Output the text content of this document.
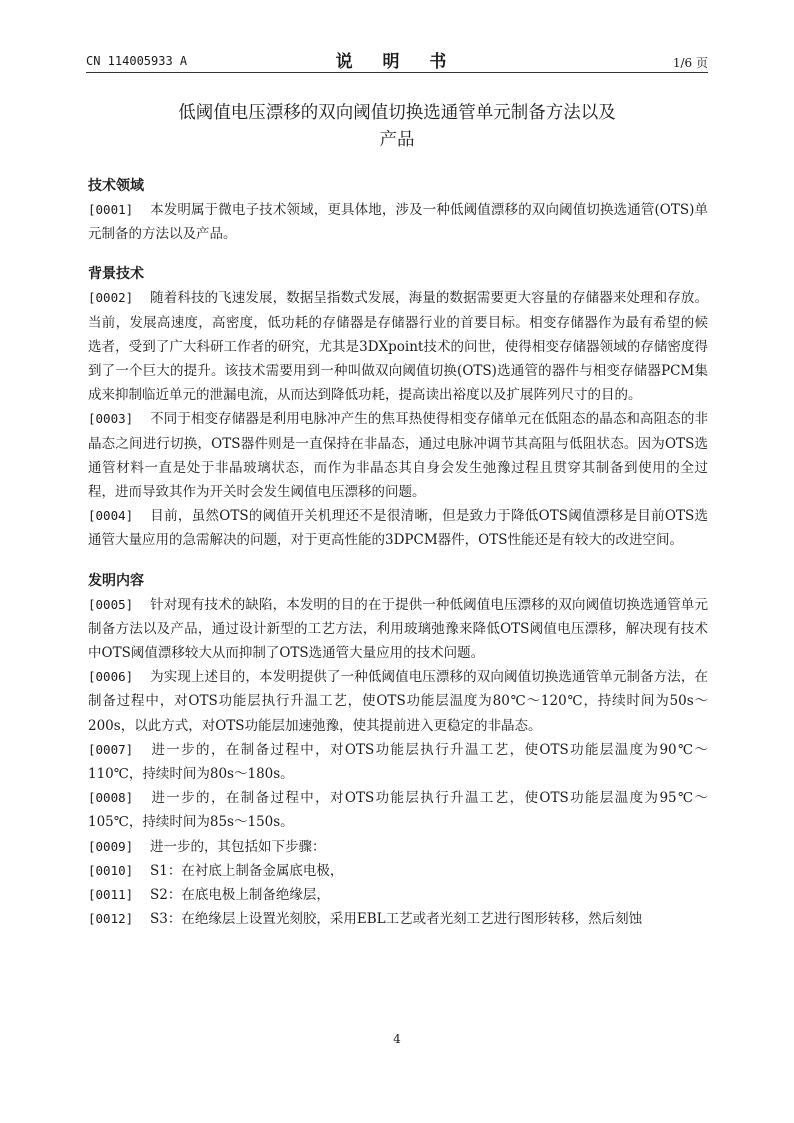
CN 114005933 A	说 明 书	1/6 页
低阈值电压漂移的双向阈值切换选通管单元制备方法以及
产品
技术领域

[0001] 本发明属于微电子技术领域，更具体地，涉及一种低阈值漂移的双向阈值切换选通管(OTS)单元制备的方法以及产品。

背景技术

[0002] 随着科技的飞速发展，数据呈指数式发展，海量的数据需要更大容量的存储器来处理和存放。当前，发展高速度，高密度，低功耗的存储器是存储器行业的首要目标。相变存储器作为最有希望的候选者，受到了广大科研工作者的研究，尤其是3DXpoint技术的问世，使得相变存储器领域的存储密度得到了一个巨大的提升。该技术需要用到一种叫做双向阈值切换(OTS)选通管的器件与相变存储器PCM集成来抑制临近单元的泄漏电流，从而达到降低功耗，提高读出裕度以及扩展阵列尺寸的目的。

[0003] 不同于相变存储器是利用电脉冲产生的焦耳热使得相变存储单元在低阻态的晶态和高阻态的非晶态之间进行切换，OTS器件则是一直保持在非晶态，通过电脉冲调节其高阻与低阻状态。因为OTS选通管材料一直是处于非晶玻璃状态，而作为非晶态其自身会发生弛豫过程且贯穿其制备到使用的全过程，进而导致其作为开关时会发生阈值电压漂移的问题。

[0004] 目前，虽然OTS的阈值开关机理还不是很清晰，但是致力于降低OTS阈值漂移是目前OTS选通管大量应用的急需解决的问题，对于更高性能的3DPCM器件，OTS性能还是有较大的改进空间。

发明内容

[0005] 针对现有技术的缺陷，本发明的目的在于提供一种低阈值电压漂移的双向阈值切换选通管单元制备方法以及产品，通过设计新型的工艺方法，利用玻璃弛豫来降低OTS阈值电压漂移，解决现有技术中OTS阈值漂移较大从而抑制了OTS选通管大量应用的技术问题。

[0006] 为实现上述目的，本发明提供了一种低阈值电压漂移的双向阈值切换选通管单元制备方法，在制备过程中，对OTS功能层执行升温工艺，使OTS功能层温度为80℃～120℃，持续时间为50s～200s，以此方式，对OTS功能层加速弛豫，使其提前进入更稳定的非晶态。

[0007] 进一步的，在制备过程中，对OTS功能层执行升温工艺，使OTS功能层温度为90℃～110℃，持续时间为80s～180s。

[0008] 进一步的，在制备过程中，对OTS功能层执行升温工艺，使OTS功能层温度为95℃～105℃，持续时间为85s～150s。

[0009] 进一步的，其包括如下步骤：

[0010] S1：在衬底上制备金属底电极，

[0011] S2：在底电极上制备绝缘层，

[0012] S3：在绝缘层上设置光刻胶，采用EBL工艺或者光刻工艺进行图形转移，然后刻蚀

4
